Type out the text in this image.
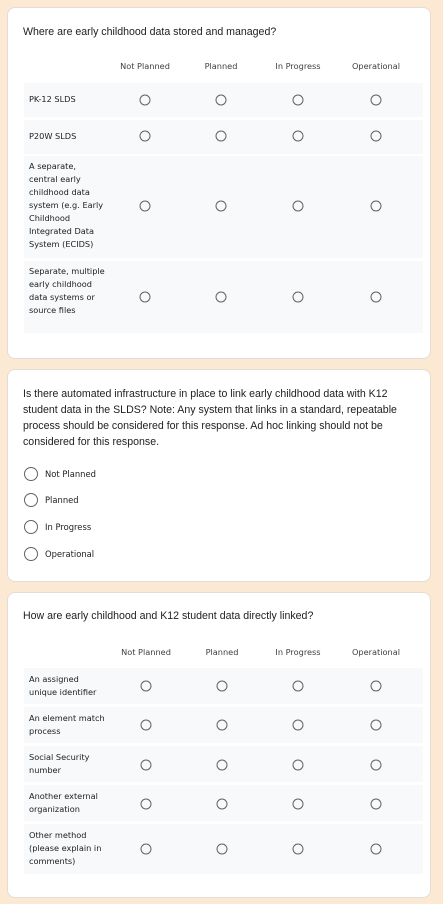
Where are early childhood data stored and managed?
Not Planned	Planned	In Progress	Operational
PK-12 SLDS
P20W SLDS
A separate, central early childhood data system (e.g. Early Childhood Integrated Data System (ECIDS)
Separate, multiple early childhood data systems or source files
Is there automated infrastructure in place to link early childhood data with K12 student data in the SLDS? Note: Any system that links in a standard, repeatable process should be considered for this response. Ad hoc linking should not be considered for this response.
Not Planned
Planned
In Progress
Operational
How are early childhood and K12 student data directly linked?
Not Planned	Planned	In Progress	Operational
An assigned unique identifier
An element match process
Social Security number
Another external organization
Other method (please explain in comments)
